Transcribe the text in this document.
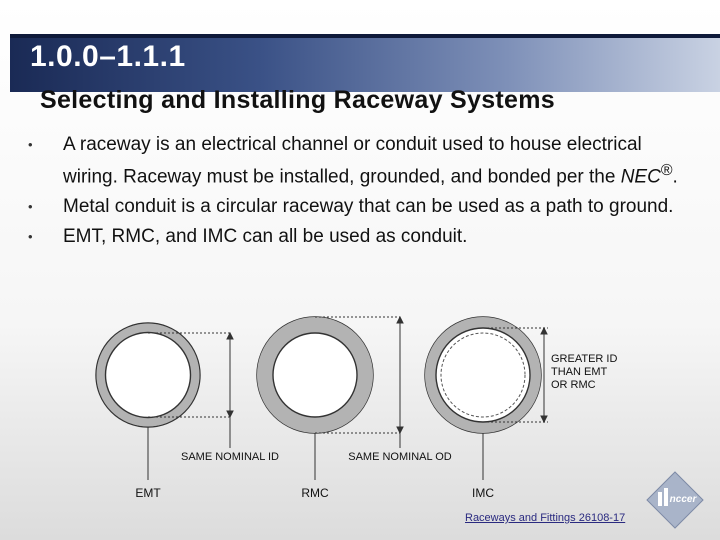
1.0.0–1.1.1
Selecting and Installing Raceway Systems
• A raceway is an electrical channel or conduit used to house electrical wiring. Raceway must be installed, grounded, and bonded per the NEC®.
• Metal conduit is a circular raceway that can be used as a path to ground.
• EMT, RMC, and IMC can all be used as conduit.
SAME NOMINAL ID	SAME NOMINAL OD
GREATER ID
THAN EMT
OR RMC
EMT	RMC	IMC
Raceways and Fittings 26108-17
nccer
